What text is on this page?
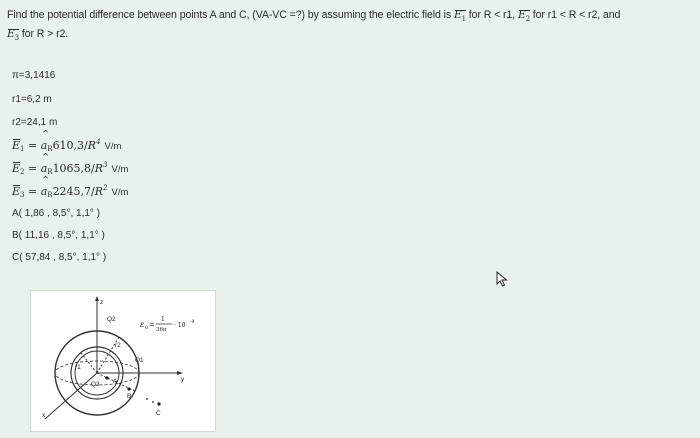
Find the potential difference between points A and C, (VA-VC =?) by assuming the electric field is $E_1$ for R < r1, $E_2$ for r1 < R < r2, and
$E_3$ for R > r2.
π=3,1416
r1=6,2 m
r2=24,1 m
$E_1$ = ^ $a_R610,3/R^4$ V/m
$E_2$ = ^ $a_R1065,8/R^3$ V/m
$E_3$ = ^ $a_R2245,7/R^2$ V/m
A( 1,86 , 8,5°, 1,1° )
B( 11,16 , 8,5°, 1,1° )
C( 57,84 , 8,5°, 1,1° )
z
x
y
Q2
Q1
Q3
r1
r2
A
B
C
ε 0 =
1
36π
· 10 -9
